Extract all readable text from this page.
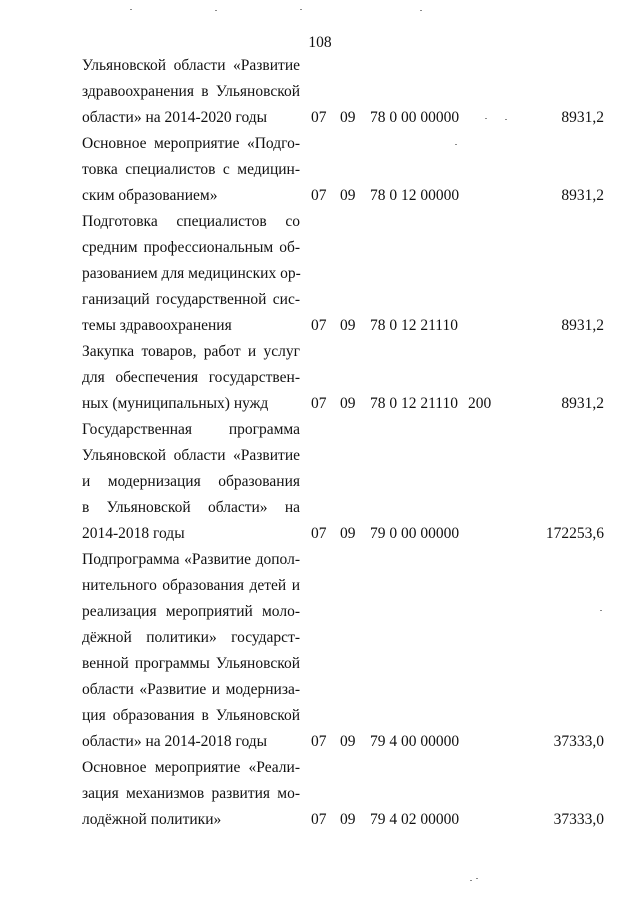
108
Ульяновской области «Развитие
здравоохранения в Ульяновской
области» на 2014-2020 годы	07 09 78 0 00 00000	8931,2
Основное мероприятие «Подго-
товка специалистов с медицин-
ским образованием»	07 09 78 0 12 00000	8931,2
Подготовка специалистов со
средним профессиональным об-
разованием для медицинских ор-
ганизаций государственной сис-
темы здравоохранения	07 09 78 0 12 21110	8931,2
Закупка товаров, работ и услуг
для обеспечения государствен-
ных (муниципальных) нужд	07 09 78 0 12 21110 200	8931,2
Государственная программа
Ульяновской области «Развитие
и модернизация образования
в Ульяновской области» на
2014-2018 годы	07 09 79 0 00 00000	172253,6
Подпрограмма «Развитие допол-
нительного образования детей и
реализация мероприятий моло-
дёжной политики» государст-
венной программы Ульяновской
области «Развитие и модерниза-
ция образования в Ульяновской
области» на 2014-2018 годы	07 09 79 4 00 00000	37333,0
Основное мероприятие «Реали-
зация механизмов развития мо-
лодёжной политики»	07 09 79 4 02 00000	37333,0
